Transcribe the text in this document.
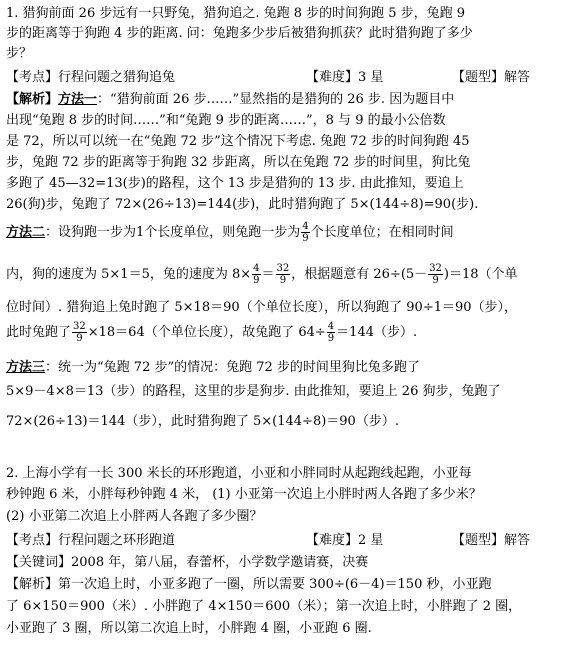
1. 猎狗前面 26 步远有一只野兔，猎狗追之. 兔跑 8 步的时间狗跑 5 步，兔跑 9
步的距离等于狗跑 4 步的距离. 问：兔跑多少步后被猎狗抓获？此时猎狗跑了多少
步？
【考点】行程问题之猎狗追兔	【难度】3 星	【题型】解答
【解析】方法一：“猎狗前面 26 步……”显然指的是猎狗的 26 步. 因为题目中
出现“兔跑 8 步的时间……”和“兔跑 9 步的距离……”，8 与 9 的最小公倍数
是 72，所以可以统一在“兔跑 72 步”这个情况下考虑. 兔跑 72 步的时间狗跑 45
步，兔跑 72 步的距离等于狗跑 32 步距离，所以在兔跑 72 步的时间里，狗比兔
多跑了 45—32=13(步)的路程，这个 13 步是猎狗的 13 步. 由此推知，要追上
26(狗)步，兔跑了 72×(26÷13)=144(步)，此时猎狗跑了 5×(144÷8)=90(步).
方法二：设狗跑一步为1个长度单位，则兔跑一步为 $\frac{4}{9}$ 个长度单位；在相同时间
内，狗的速度为 5×1＝5，兔的速度为 $8\times \frac{4}{9} = \frac{32}{9}$ ，根据题意有 $26\div(5- \frac{32}{9} )=18$（个单
位时间）. 猎狗追上兔时跑了 5×18＝90（个单位长度），所以狗跑了 90÷1＝90（步），
此时兔跑了 $\frac{32}{9} \times 18=64$（个单位长度），故兔跑了 $64\div \frac{4}{9} =144$（步）.
方法三：统一为“兔跑 72 步”的情况：兔跑 72 步的时间里狗比兔多跑了
5×9－4×8＝13（步）的路程，这里的步是狗步. 由此推知，要追上 26 狗步，兔跑了
72×(26÷13)＝144（步），此时猎狗跑了 5×(144÷8)＝90（步）.
2. 上海小学有一长 300 米长的环形跑道，小亚和小胖同时从起跑线起跑，小亚每
秒钟跑 6 米，小胖每秒钟跑 4 米， (1) 小亚第一次追上小胖时两人各跑了多少米？
(2) 小亚第二次追上小胖两人各跑了多少圈？
【考点】行程问题之环形跑道	【难度】2 星	【题型】解答
【关键词】2008 年，第八届，春蕾杯，小学数学邀请赛，决赛
【解析】第一次追上时，小亚多跑了一圈，所以需要 300÷(6－4)＝150 秒，小亚跑
了 6×150＝900（米）. 小胖跑了 4×150＝600（米）；第一次追上时，小胖跑了 2 圈，
小亚跑了 3 圈，所以第二次追上时，小胖跑 4 圈，小亚跑 6 圈.
